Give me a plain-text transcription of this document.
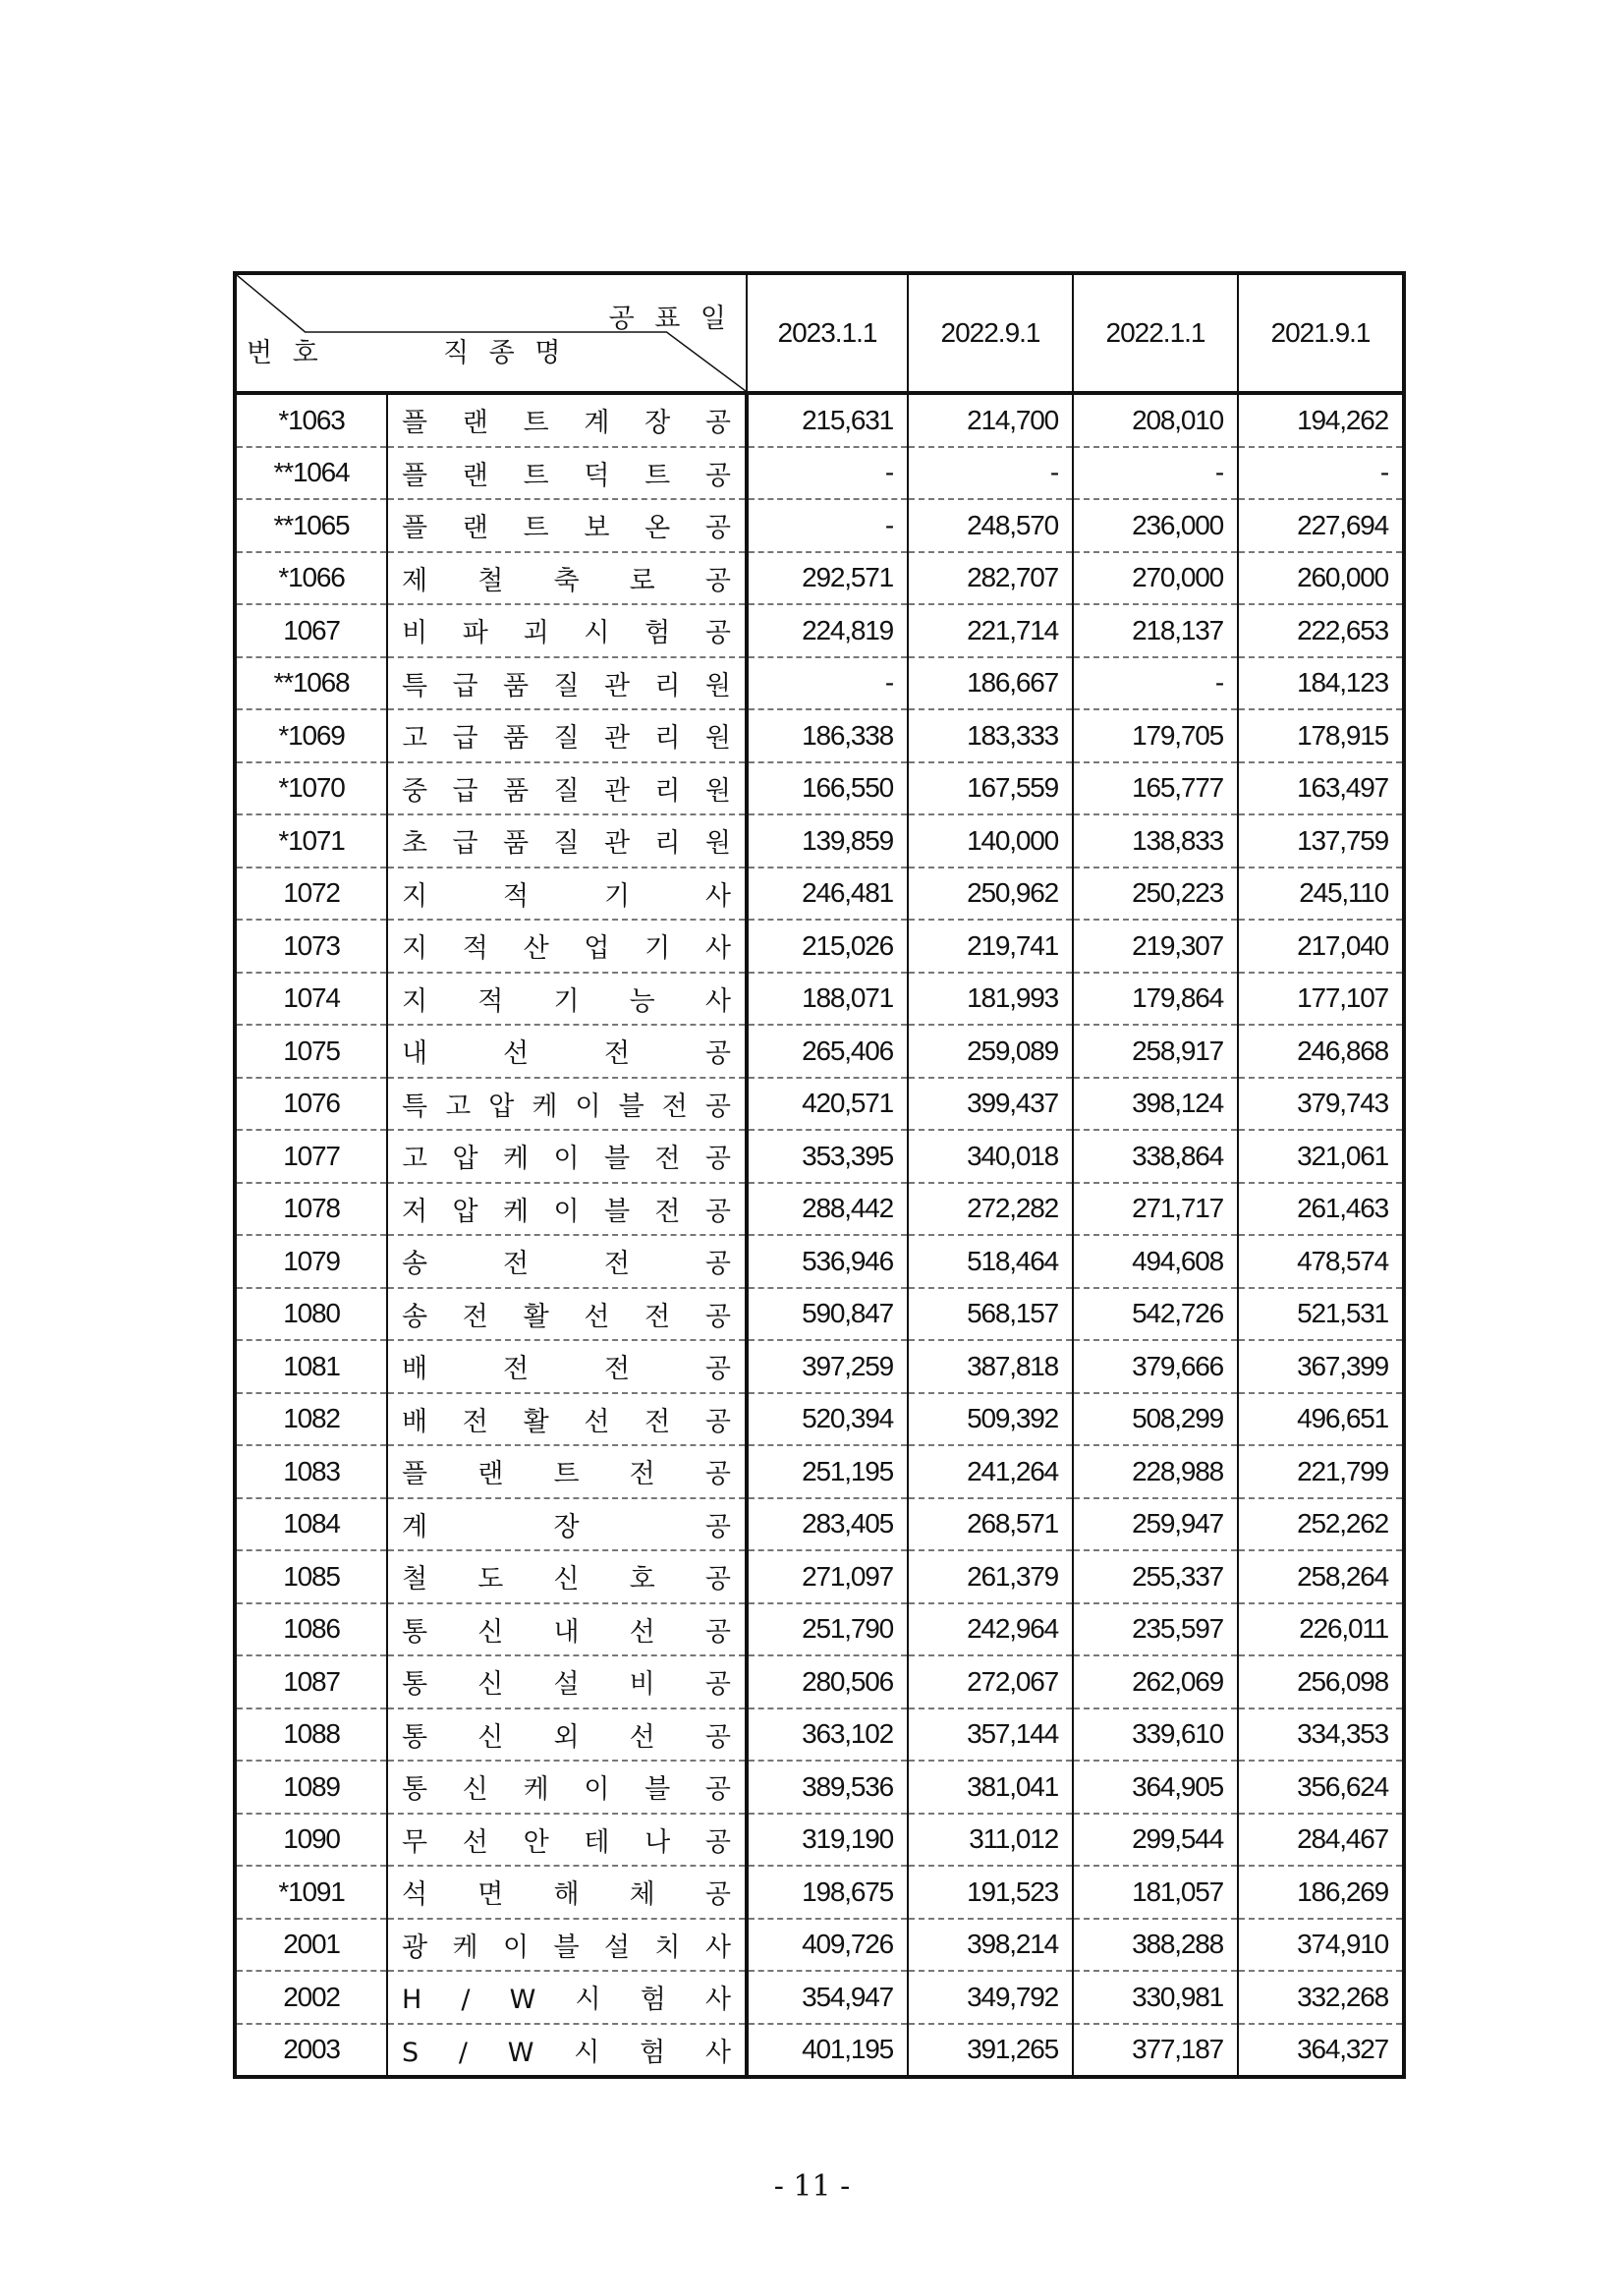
공 표 일
번 호 직 종 명		2023.1.1	2022.9.1	2022.1.1	2021.9.1
*1063	플 랜 트 계 장 공	215,631	214,700	208,010	194,262
**1064	플 랜 트 덕 트 공	-	-	-	-
**1065	플 랜 트 보 온 공	-	248,570	236,000	227,694
*1066	제 철 축 로 공	292,571	282,707	270,000	260,000
1067	비 파 괴 시 험 공	224,819	221,714	218,137	222,653
**1068	특 급 품 질 관 리 원	-	186,667	-	184,123
*1069	고 급 품 질 관 리 원	186,338	183,333	179,705	178,915
*1070	중 급 품 질 관 리 원	166,550	167,559	165,777	163,497
*1071	초 급 품 질 관 리 원	139,859	140,000	138,833	137,759
1072	지 적 기 사	246,481	250,962	250,223	245,110
1073	지 적 산 업 기 사	215,026	219,741	219,307	217,040
1074	지 적 기 능 사	188,071	181,993	179,864	177,107
1075	내 선 전 공	265,406	259,089	258,917	246,868
1076	특 고 압 케 이 블 전 공	420,571	399,437	398,124	379,743
1077	고 압 케 이 블 전 공	353,395	340,018	338,864	321,061
1078	저 압 케 이 블 전 공	288,442	272,282	271,717	261,463
1079	송 전 전 공	536,946	518,464	494,608	478,574
1080	송 전 활 선 전 공	590,847	568,157	542,726	521,531
1081	배 전 전 공	397,259	387,818	379,666	367,399
1082	배 전 활 선 전 공	520,394	509,392	508,299	496,651
1083	플 랜 트 전 공	251,195	241,264	228,988	221,799
1084	계 장 공	283,405	268,571	259,947	252,262
1085	철 도 신 호 공	271,097	261,379	255,337	258,264
1086	통 신 내 선 공	251,790	242,964	235,597	226,011
1087	통 신 설 비 공	280,506	272,067	262,069	256,098
1088	통 신 외 선 공	363,102	357,144	339,610	334,353
1089	통 신 케 이 블 공	389,536	381,041	364,905	356,624
1090	무 선 안 테 나 공	319,190	311,012	299,544	284,467
*1091	석 면 해 체 공	198,675	191,523	181,057	186,269
2001	광 케 이 블 설 치 사	409,726	398,214	388,288	374,910
2002	H / W 시 험 사	354,947	349,792	330,981	332,268
2003	S / W 시 험 사	401,195	391,265	377,187	364,327
- 11 -
